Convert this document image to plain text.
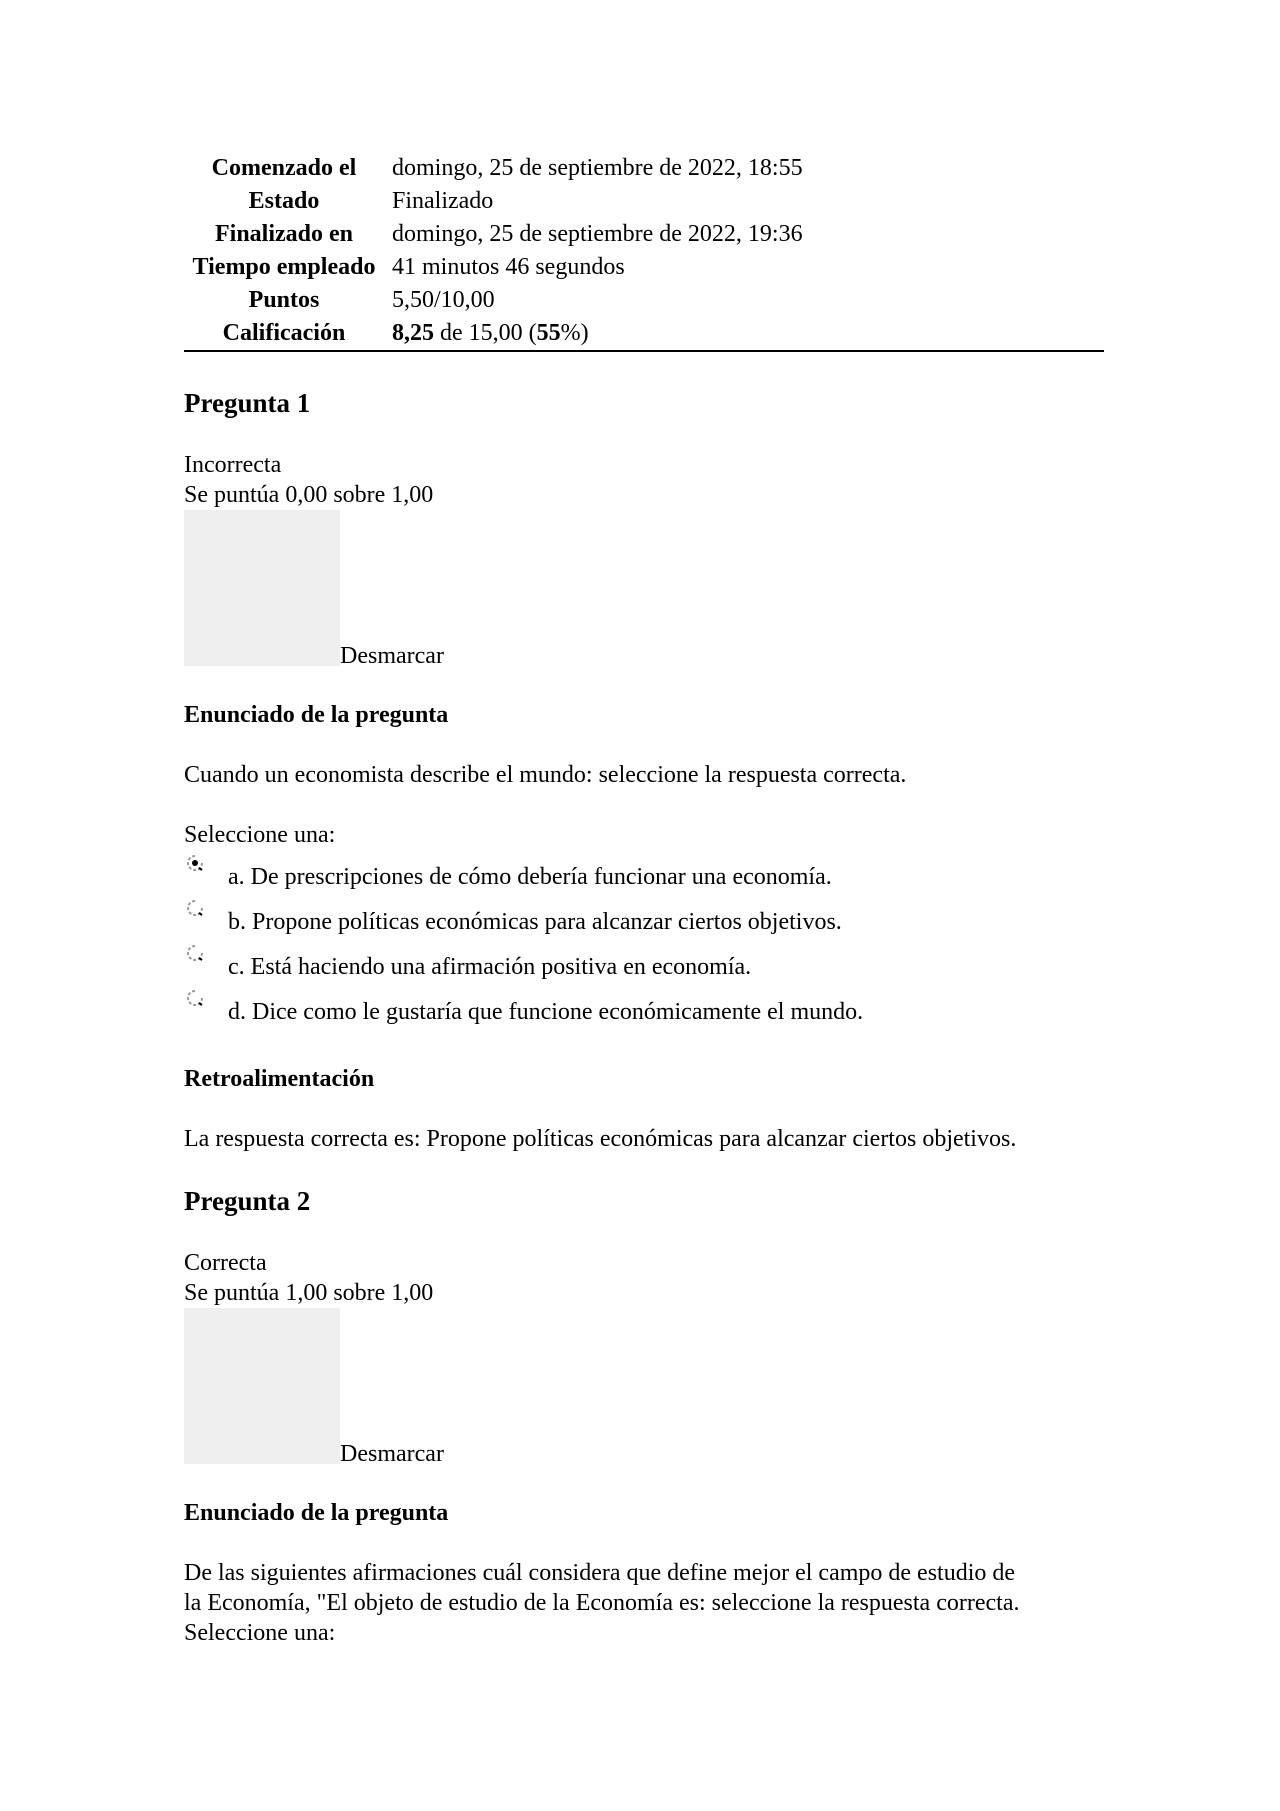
Comenzado el	domingo, 25 de septiembre de 2022, 18:55
Estado	Finalizado
Finalizado en	domingo, 25 de septiembre de 2022, 19:36
Tiempo empleado	41 minutos 46 segundos
Puntos	5,50/10,00
Calificación	8,25 de 15,00 (55%)
Pregunta 1
Incorrecta
Se puntúa 0,00 sobre 1,00
Desmarcar
Enunciado de la pregunta

Cuando un economista describe el mundo: seleccione la respuesta correcta.

Seleccione una:

a. De prescripciones de cómo debería funcionar una economía.
b. Propone políticas económicas para alcanzar ciertos objetivos.
c. Está haciendo una afirmación positiva en economía.
d. Dice como le gustaría que funcione económicamente el mundo.
Retroalimentación

La respuesta correcta es: Propone políticas económicas para alcanzar ciertos objetivos.

Pregunta 2
Correcta
Se puntúa 1,00 sobre 1,00
Desmarcar
Enunciado de la pregunta

De las siguientes afirmaciones cuál considera que define mejor el campo de estudio de

la Economía, "El objeto de estudio de la Economía es: seleccione la respuesta correcta.

Seleccione una:
